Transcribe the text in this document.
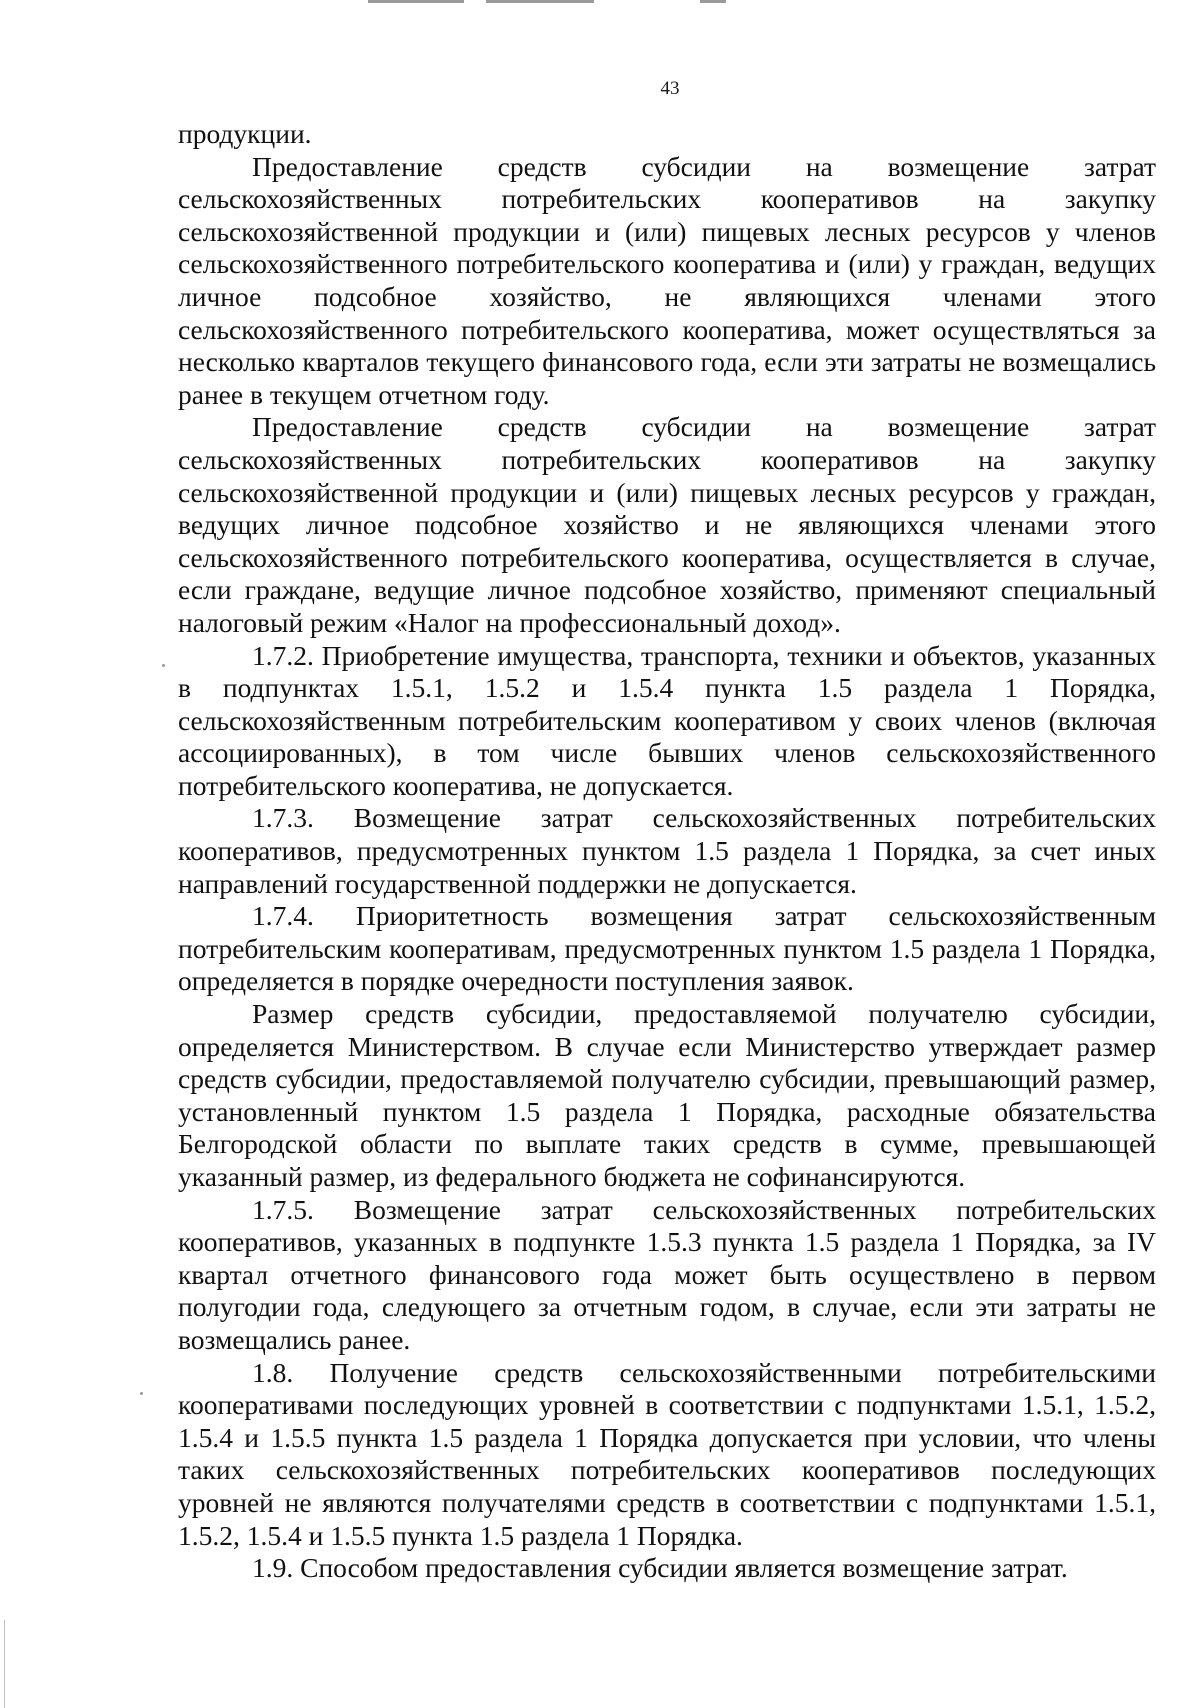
43

продукции.

Предоставление средств субсидии на возмещение затрат сельскохозяйственных потребительских кооперативов на закупку сельскохозяйственной продукции и (или) пищевых лесных ресурсов у членов сельскохозяйственного потребительского кооператива и (или) у граждан, ведущих личное подсобное хозяйство, не являющихся членами этого сельскохозяйственного потребительского кооператива, может осуществляться за несколько кварталов текущего финансового года, если эти затраты не возмещались ранее в текущем отчетном году.

Предоставление средств субсидии на возмещение затрат сельскохозяйственных потребительских кооперативов на закупку сельскохозяйственной продукции и (или) пищевых лесных ресурсов у граждан, ведущих личное подсобное хозяйство и не являющихся членами этого сельскохозяйственного потребительского кооператива, осуществляется в случае, если граждане, ведущие личное подсобное хозяйство, применяют специальный налоговый режим «Налог на профессиональный доход».

1.7.2. Приобретение имущества, транспорта, техники и объектов, указанных в подпунктах 1.5.1, 1.5.2 и 1.5.4 пункта 1.5 раздела 1 Порядка, сельскохозяйственным потребительским кооперативом у своих членов (включая ассоциированных), в том числе бывших членов сельскохозяйственного потребительского кооператива, не допускается.

1.7.3. Возмещение затрат сельскохозяйственных потребительских кооперативов, предусмотренных пунктом 1.5 раздела 1 Порядка, за счет иных направлений государственной поддержки не допускается.

1.7.4. Приоритетность возмещения затрат сельскохозяйственным потребительским кооперативам, предусмотренных пунктом 1.5 раздела 1 Порядка, определяется в порядке очередности поступления заявок.

Размер средств субсидии, предоставляемой получателю субсидии, определяется Министерством. В случае если Министерство утверждает размер средств субсидии, предоставляемой получателю субсидии, превышающий размер, установленный пунктом 1.5 раздела 1 Порядка, расходные обязательства Белгородской области по выплате таких средств в сумме, превышающей указанный размер, из федерального бюджета не софинансируются.

1.7.5. Возмещение затрат сельскохозяйственных потребительских кооперативов, указанных в подпункте 1.5.3 пункта 1.5 раздела 1 Порядка, за IV квартал отчетного финансового года может быть осуществлено в первом полугодии года, следующего за отчетным годом, в случае, если эти затраты не возмещались ранее.

1.8. Получение средств сельскохозяйственными потребительскими кооперативами последующих уровней в соответствии с подпунктами 1.5.1, 1.5.2, 1.5.4 и 1.5.5 пункта 1.5 раздела 1 Порядка допускается при условии, что члены таких сельскохозяйственных потребительских кооперативов последующих уровней не являются получателями средств в соответствии с подпунктами 1.5.1, 1.5.2, 1.5.4 и 1.5.5 пункта 1.5 раздела 1 Порядка.

1.9. Способом предоставления субсидии является возмещение затрат.
